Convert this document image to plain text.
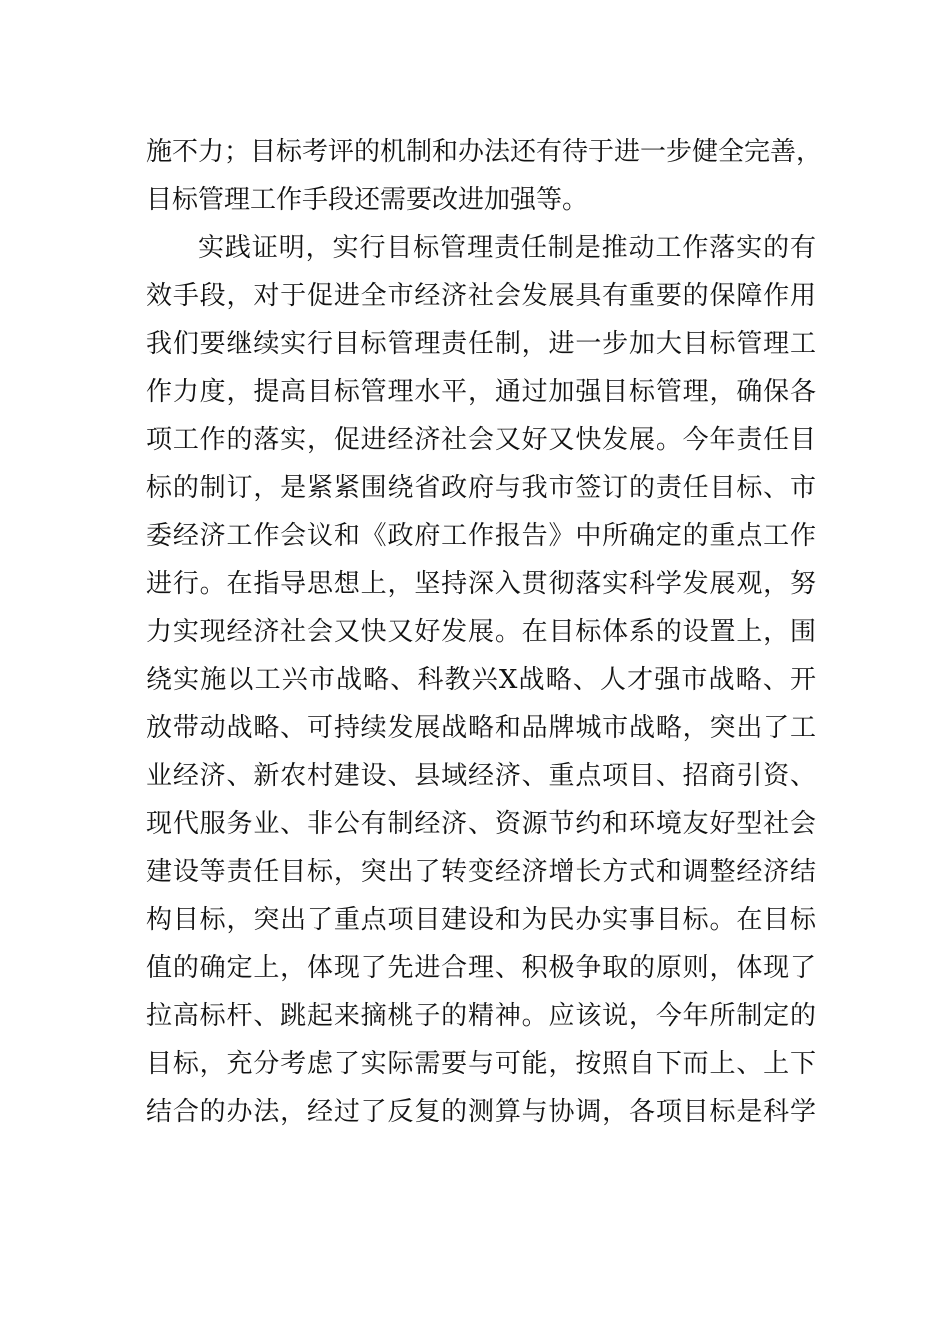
施不力；目标考评的机制和办法还有待于进一步健全完善，
目标管理工作手段还需要改进加强等。
实践证明，实行目标管理责任制是推动工作落实的有
效手段，对于促进全市经济社会发展具有重要的保障作用
我们要继续实行目标管理责任制，进一步加大目标管理工
作力度，提高目标管理水平，通过加强目标管理，确保各
项工作的落实，促进经济社会又好又快发展。今年责任目
标的制订，是紧紧围绕省政府与我市签订的责任目标、市
委经济工作会议和《政府工作报告》中所确定的重点工作
进行。在指导思想上，坚持深入贯彻落实科学发展观，努
力实现经济社会又快又好发展。在目标体系的设置上，围
绕实施以工兴市战略、科教兴X战略、人才强市战略、开
放带动战略、可持续发展战略和品牌城市战略，突出了工
业经济、新农村建设、县域经济、重点项目、招商引资、
现代服务业、非公有制经济、资源节约和环境友好型社会
建设等责任目标，突出了转变经济增长方式和调整经济结
构目标，突出了重点项目建设和为民办实事目标。在目标
值的确定上，体现了先进合理、积极争取的原则，体现了
拉高标杆、跳起来摘桃子的精神。应该说，今年所制定的
目标，充分考虑了实际需要与可能，按照自下而上、上下
结合的办法，经过了反复的测算与协调，各项目标是科学
